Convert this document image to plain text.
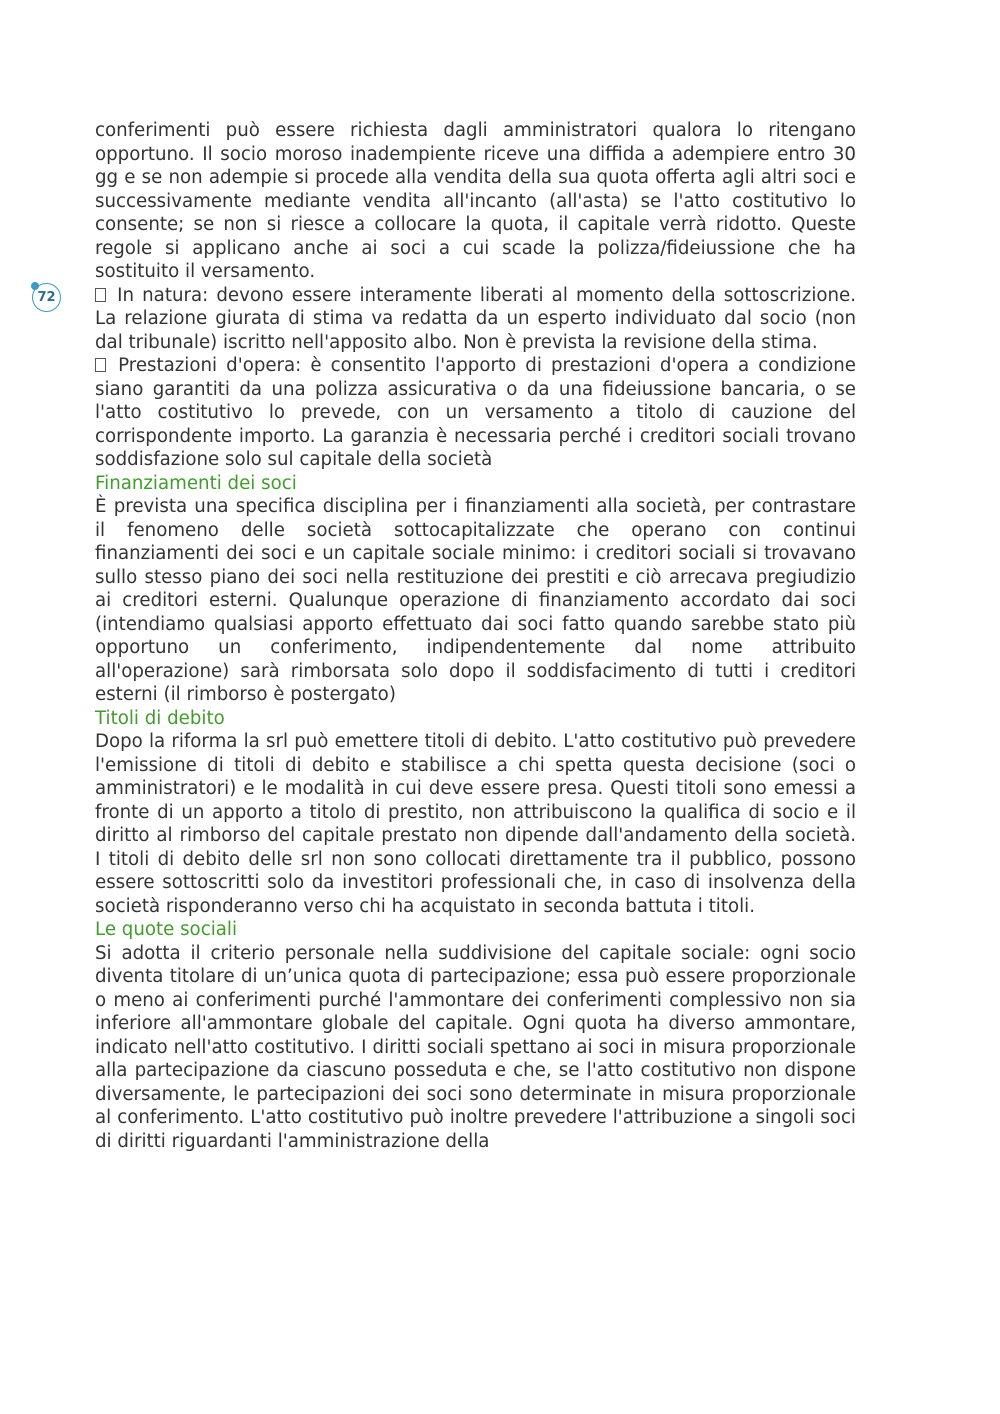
72

conferimenti può essere richiesta dagli amministratori qualora lo ritengano opportuno. Il socio moroso inadempiente riceve una diffida a adempiere entro 30 gg e se non adempie si procede alla vendita della sua quota offerta agli altri soci e successivamente mediante vendita all'incanto (all'asta) se l'atto costitutivo lo consente; se non si riesce a collocare la quota, il capitale verrà ridotto. Queste regole si applicano anche ai soci a cui scade la polizza/fideiussione che ha sostituito il versamento.

In natura: devono essere interamente liberati al momento della sottoscrizione. La relazione giurata di stima va redatta da un esperto individuato dal socio (non dal tribunale) iscritto nell'apposito albo. Non è prevista la revisione della stima.

Prestazioni d'opera: è consentito l'apporto di prestazioni d'opera a condizione siano garantiti da una polizza assicurativa o da una fideiussione bancaria, o se l'atto costitutivo lo prevede, con un versamento a titolo di cauzione del corrispondente importo. La garanzia è necessaria perché i creditori sociali trovano soddisfazione solo sul capitale della società

Finanziamenti dei soci

È prevista una specifica disciplina per i finanziamenti alla società, per contrastare il fenomeno delle società sottocapitalizzate che operano con continui finanziamenti dei soci e un capitale sociale minimo: i creditori sociali si trovavano sullo stesso piano dei soci nella restituzione dei prestiti e ciò arrecava pregiudizio ai creditori esterni. Qualunque operazione di finanziamento accordato dai soci (intendiamo qualsiasi apporto effettuato dai soci fatto quando sarebbe stato più opportuno un conferimento, indipendentemente dal nome attribuito all'operazione) sarà rimborsata solo dopo il soddisfacimento di tutti i creditori esterni (il rimborso è postergato)

Titoli di debito

Dopo la riforma la srl può emettere titoli di debito. L'atto costitutivo può prevedere l'emissione di titoli di debito e stabilisce a chi spetta questa decisione (soci o amministratori) e le modalità in cui deve essere presa. Questi titoli sono emessi a fronte di un apporto a titolo di prestito, non attribuiscono la qualifica di socio e il diritto al rimborso del capitale prestato non dipende dall'andamento della società. I titoli di debito delle srl non sono collocati direttamente tra il pubblico, possono essere sottoscritti solo da investitori professionali che, in caso di insolvenza della società risponderanno verso chi ha acquistato in seconda battuta i titoli.

Le quote sociali

Si adotta il criterio personale nella suddivisione del capitale sociale: ogni socio diventa titolare di un’unica quota di partecipazione; essa può essere proporzionale o meno ai conferimenti purché l'ammontare dei conferimenti complessivo non sia inferiore all'ammontare globale del capitale. Ogni quota ha diverso ammontare, indicato nell'atto costitutivo. I diritti sociali spettano ai soci in misura proporzionale alla partecipazione da ciascuno posseduta e che, se l'atto costitutivo non dispone diversamente, le partecipazioni dei soci sono determinate in misura proporzionale al conferimento. L'atto costitutivo può inoltre prevedere l'attribuzione a singoli soci di diritti riguardanti l'amministrazione della
